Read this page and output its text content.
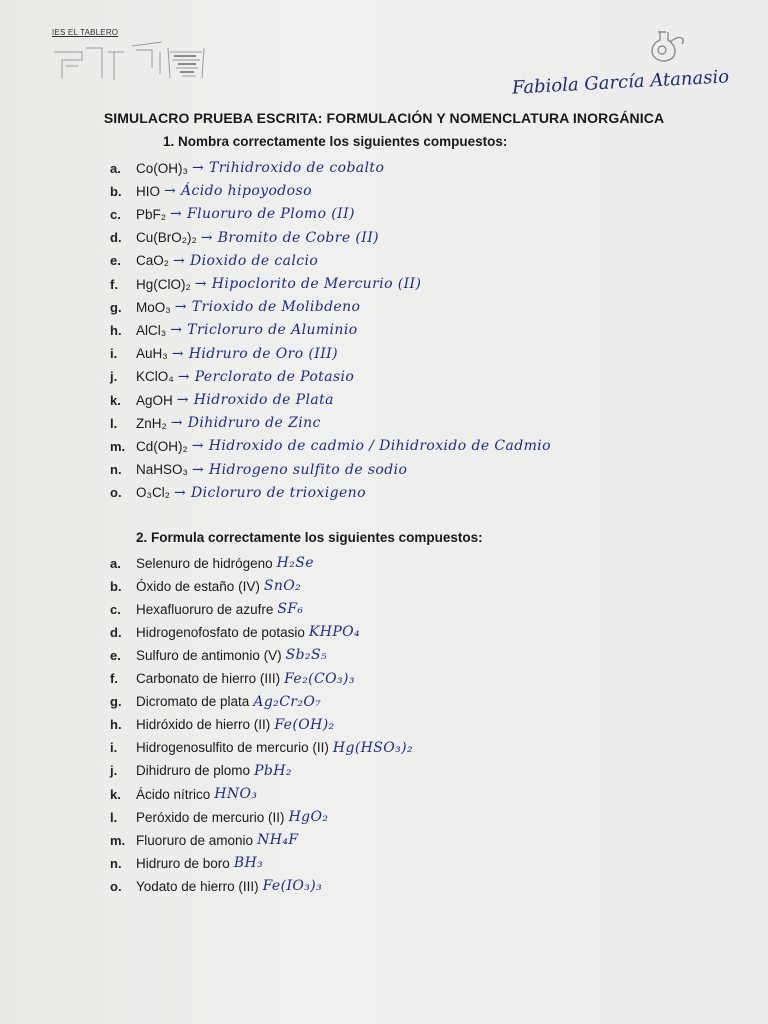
IES EL TABLERO
Fabiola García Atanasio
SIMULACRO PRUEBA ESCRITA: FORMULACIÓN Y NOMENCLATURA INORGÁNICA
1. Nombra correctamente los siguientes compuestos:
a.	Co(OH)₃ → Trihidroxido de cobalto
b.	HIO → Ácido hipoyodoso
c.	PbF₂ → Fluoruro de Plomo (II)
d.	Cu(BrO₂)₂ → Bromito de Cobre (II)
e.	CaO₂ → Dioxido de calcio
f.	Hg(ClO)₂ → Hipoclorito de Mercurio (II)
g.	MoO₃ → Trioxido de Molibdeno
h.	AlCl₃ → Tricloruro de Aluminio
i.	AuH₃ → Hidruro de Oro (III)
j.	KClO₄ → Perclorato de Potasio
k.	AgOH → Hidroxido de Plata
l.	ZnH₂ → Dihidruro de Zinc
m. Cd(OH)₂ → Hidroxido de cadmio / Dihidroxido de Cadmio
n.	NaHSO₃ → Hidrogeno sulfito de sodio
o.	O₃Cl₂ → Dicloruro de trioxigeno
2. Formula correctamente los siguientes compuestos:
a.	Selenuro de hidrógeno H₂Se
b.	Óxido de estaño (IV) SnO₂
c.	Hexafluoruro de azufre SF₆
d.	Hidrogenofosfato de potasio KHPO₄
e.	Sulfuro de antimonio (V) Sb₂S₅
f.	Carbonato de hierro (III) Fe₂(CO₃)₃
g.	Dicromato de plata Ag₂Cr₂O₇
h.	Hidróxido de hierro (II) Fe(OH)₂
i.	Hidrogenosulfito de mercurio (II) Hg(HSO₃)₂
j.	Dihidruro de plomo PbH₂
k.	Ácido nítrico HNO₃
l.	Peróxido de mercurio (II) HgO₂
m. Fluoruro de amonio NH₄F
n.	Hidruro de boro BH₃
o.	Yodato de hierro (III) Fe(IO₃)₃
